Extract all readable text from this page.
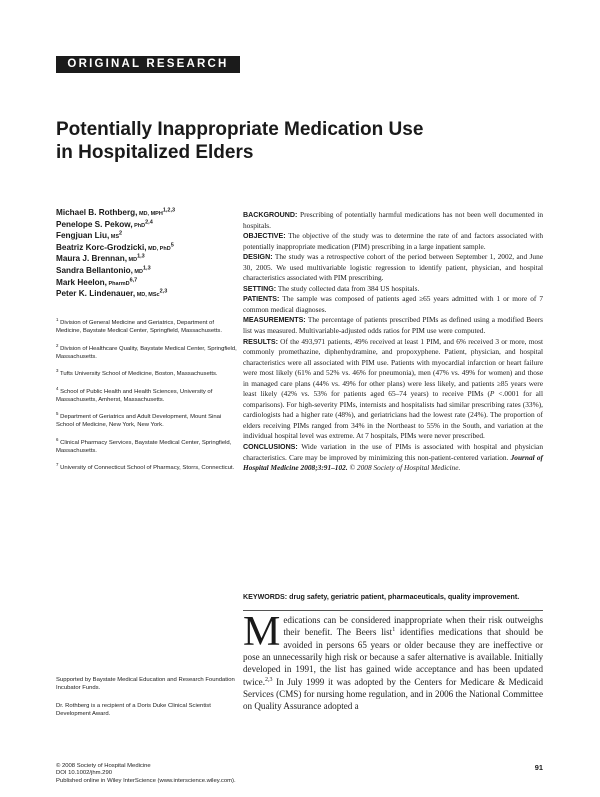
ORIGINAL RESEARCH
Potentially Inappropriate Medication Use
in Hospitalized Elders
Michael B. Rothberg, MD, MPH$^{1,2,3}$
Penelope S. Pekow, PhD$^{2,4}$
Fengjuan Liu, $MS^2$
Beatriz Korc-Grodzicki, MD, PhD$^5$
Maura J. Brennan, MD$^{1,3}$
Sandra Bellantonio, MD$^{1,3}$
Mark Heelon, PharmD$^{6,7}$
Peter K. Lindenauer, MD, MSc$^{2,3}$

$^1$ Division of General Medicine and Geriatrics, Department of Medicine, Baystate Medical Center, Springfield, Massachusetts.

$^2$ Division of Healthcare Quality, Baystate Medical Center, Springfield, Massachusetts.

$^3$ Tufts University School of Medicine, Boston, Massachusetts.

$^4$ School of Public Health and Health Sciences, University of Massachusetts, Amherst, Massachusetts.

$^5$ Department of Geriatrics and Adult Development, Mount Sinai School of Medicine, New York, New York.

$^6$ Clinical Pharmacy Services, Baystate Medical Center, Springfield, Massachusetts.

$^7$ University of Connecticut School of Pharmacy, Storrs, Connecticut.

BACKGROUND: Prescribing of potentially harmful medications has not been well documented in hospitals.

OBJECTIVE: The objective of the study was to determine the rate of and factors associated with potentially inappropriate medication (PIM) prescribing in a large inpatient sample.

DESIGN: The study was a retrospective cohort of the period between September 1, 2002, and June 30, 2005. We used multivariable logistic regression to identify patient, physician, and hospital characteristics associated with PIM prescribing.

SETTING: The study collected data from 384 US hospitals.

PATIENTS: The sample was composed of patients aged ≥65 years admitted with 1 or more of 7 common medical diagnoses.

MEASUREMENTS: The percentage of patients prescribed PIMs as defined using a modified Beers list was measured. Multivariable-adjusted odds ratios for PIM use were computed.

RESULTS: Of the 493,971 patients, 49% received at least 1 PIM, and 6% received 3 or more, most commonly promethazine, diphenhydramine, and propoxyphene. Patient, physician, and hospital characteristics were all associated with PIM use. Patients with myocardial infarction or heart failure were most likely (61% and 52% vs. 46% for pneumonia), men (47% vs. 49% for women) and those in managed care plans (44% vs. 49% for other plans) were less likely, and patients ≥85 years were least likely (42% vs. 53% for patients aged 65–74 years) to receive PIMs (P <.0001 for all comparisons). For high-severity PIMs, internists and hospitalists had similar prescribing rates (33%), cardiologists had a higher rate (48%), and geriatricians had the lowest rate (24%). The proportion of elders receiving PIMs ranged from 34% in the Northeast to 55% in the South, and variation at the individual hospital level was extreme. At 7 hospitals, PIMs were never prescribed.

CONCLUSIONS: Wide variation in the use of PIMs is associated with hospital and physician characteristics. Care may be improved by minimizing this non-patient-centered variation. Journal of Hospital Medicine 2008;3:91–102. © 2008 Society of Hospital Medicine.

KEYWORDS: drug safety, geriatric patient, pharmaceuticals, quality improvement.

Medications can be considered inappropriate when their risk outweighs their benefit. The Beers list$^1$ identifies medications that should be avoided in persons 65 years or older because they are ineffective or pose an unnecessarily high risk or because a safer alternative is available. Initially developed in 1991, the list has gained wide acceptance and has been updated twice.$^{2,3}$ In July 1999 it was adopted by the Centers for Medicare & Medicaid Services (CMS) for nursing home regulation, and in 2006 the National Committee on Quality Assurance adopted a

Supported by Baystate Medical Education and Research Foundation Incubator Funds.

Dr. Rothberg is a recipient of a Doris Duke Clinical Scientist Development Award.

© 2008 Society of Hospital Medicine
DOI 10.1002/jhm.290
Published online in Wiley InterScience (www.interscience.wiley.com).
91
